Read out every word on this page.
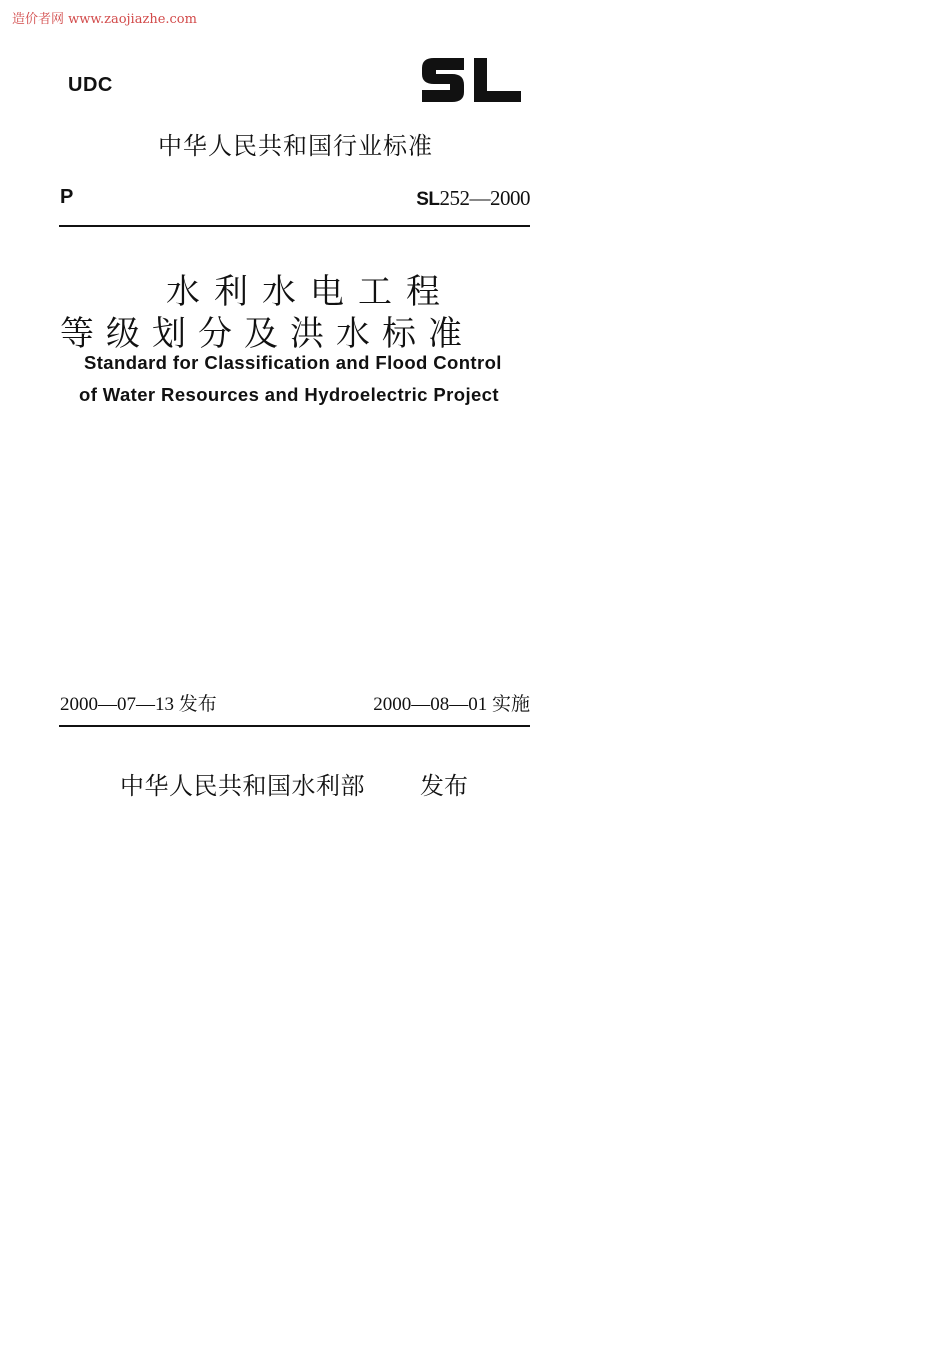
造价者网 www.zaojiazhe.com
UDC
中华人民共和国行业标准
P	SL252—2000
水利水电工程
等级划分及洪水标准
Standard for Classification and Flood Control
of Water Resources and Hydroelectric Project
2000—07—13 发布	2000—08—01 实施
中华人民共和国水利部 发布
